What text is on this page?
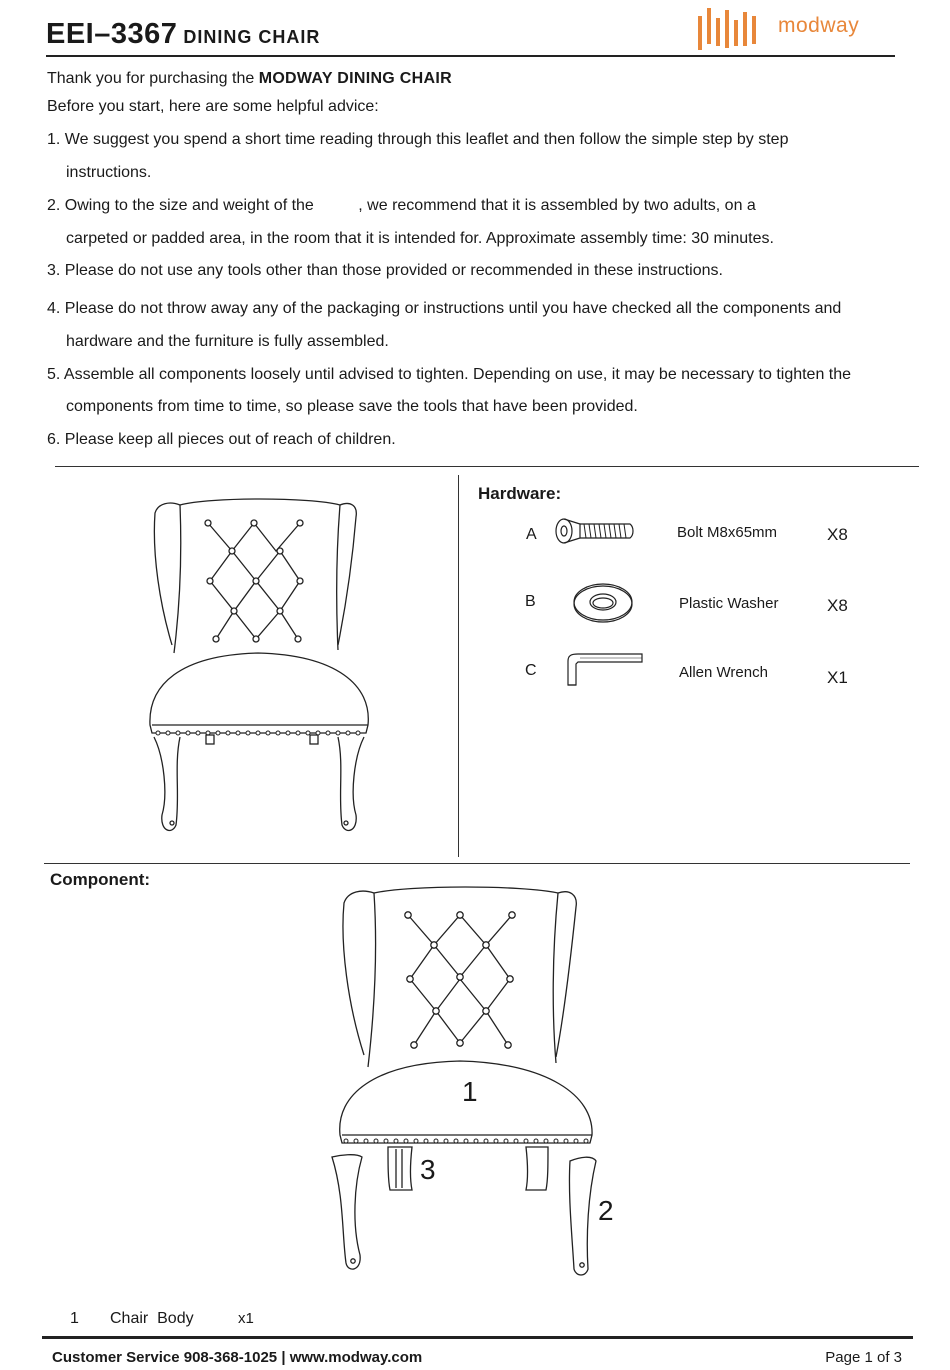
EEI–3367 DINING CHAIR	modway
Thank you for purchasing the MODWAY DINING CHAIR
Before you start, here are some helpful advice:
1. We suggest you spend a short time reading through this leaflet and then follow the simple step by step
instructions.
2. Owing to the size and weight of the          , we recommend that it is assembled by two adults, on a
carpeted or padded area, in the room that it is intended for. Approximate assembly time: 30 minutes.
3. Please do not use any tools other than those provided or recommended in these instructions.
4. Please do not throw away any of the packaging or instructions until you have checked all the components and
hardware and the furniture is fully assembled.
5. Assemble all components loosely until advised to tighten. Depending on use, it may be necessary to tighten the
components from time to time, so please save the tools that have been provided.
6. Please keep all pieces out of reach of children.
Hardware:
A	Bolt M8x65mm	X8
B	Plastic Washer	X8
C	Allen Wrench	X1
Component:
1
3
2
1 Chair  Body	x1
Customer Service 908-368-1025 | www.modway.com	Page 1 of 3
